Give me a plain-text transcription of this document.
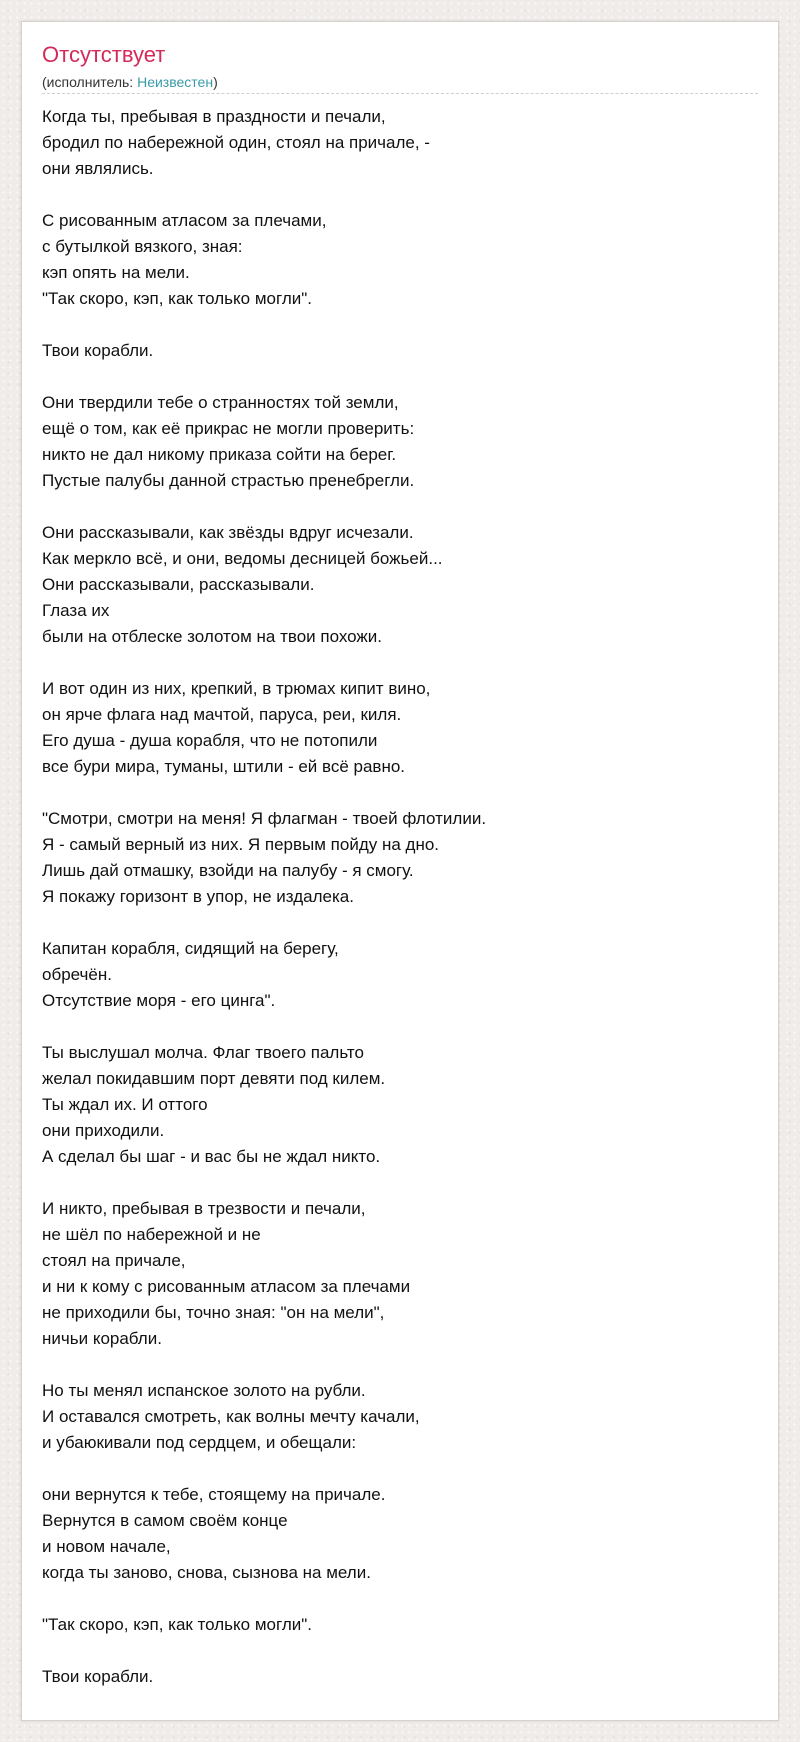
Отсутствует
(исполнитель: Неизвестен)
Когда ты, пребывая в праздности и печали,
бродил по набережной один, стоял на причале, -
они являлись.
С рисованным атласом за плечами,
с бутылкой вязкого, зная:
кэп опять на мели.
"Так скоро, кэп, как только могли".
Твои корабли.
Они твердили тебе о странностях той земли,
ещё о том, как её прикрас не могли проверить:
никто не дал никому приказа сойти на берег.
Пустые палубы данной страстью пренебрегли.
Они рассказывали, как звёзды вдруг исчезали.
Как меркло всё, и они, ведомы десницей божьей...
Они рассказывали, рассказывали.
Глаза их
были на отблеске золотом на твои похожи.
И вот один из них, крепкий, в трюмах кипит вино,
он ярче флага над мачтой, паруса, реи, киля.
Его душа - душа корабля, что не потопили
все бури мира, туманы, штили - ей всё равно.
"Смотри, смотри на меня! Я флагман - твоей флотилии.
Я - самый верный из них. Я первым пойду на дно.
Лишь дай отмашку, взойди на палубу - я смогу.
Я покажу горизонт в упор, не издалека.
Капитан корабля, сидящий на берегу,
обречён.
Отсутствие моря - его цинга".
Ты выслушал молча. Флаг твоего пальто
желал покидавшим порт девяти под килем.
Ты ждал их. И оттого
они приходили.
А сделал бы шаг - и вас бы не ждал никто.
И никто, пребывая в трезвости и печали,
не шёл по набережной и не
стоял на причале,
и ни к кому с рисованным атласом за плечами
не приходили бы, точно зная: "он на мели",
ничьи корабли.
Но ты менял испанское золото на рубли.
И оставался смотреть, как волны мечту качали,
и убаюкивали под сердцем, и обещали:
они вернутся к тебе, стоящему на причале.
Вернутся в самом своём конце
и новом начале,
когда ты заново, снова, сызнова на мели.
"Так скоро, кэп, как только могли".
Твои корабли.
